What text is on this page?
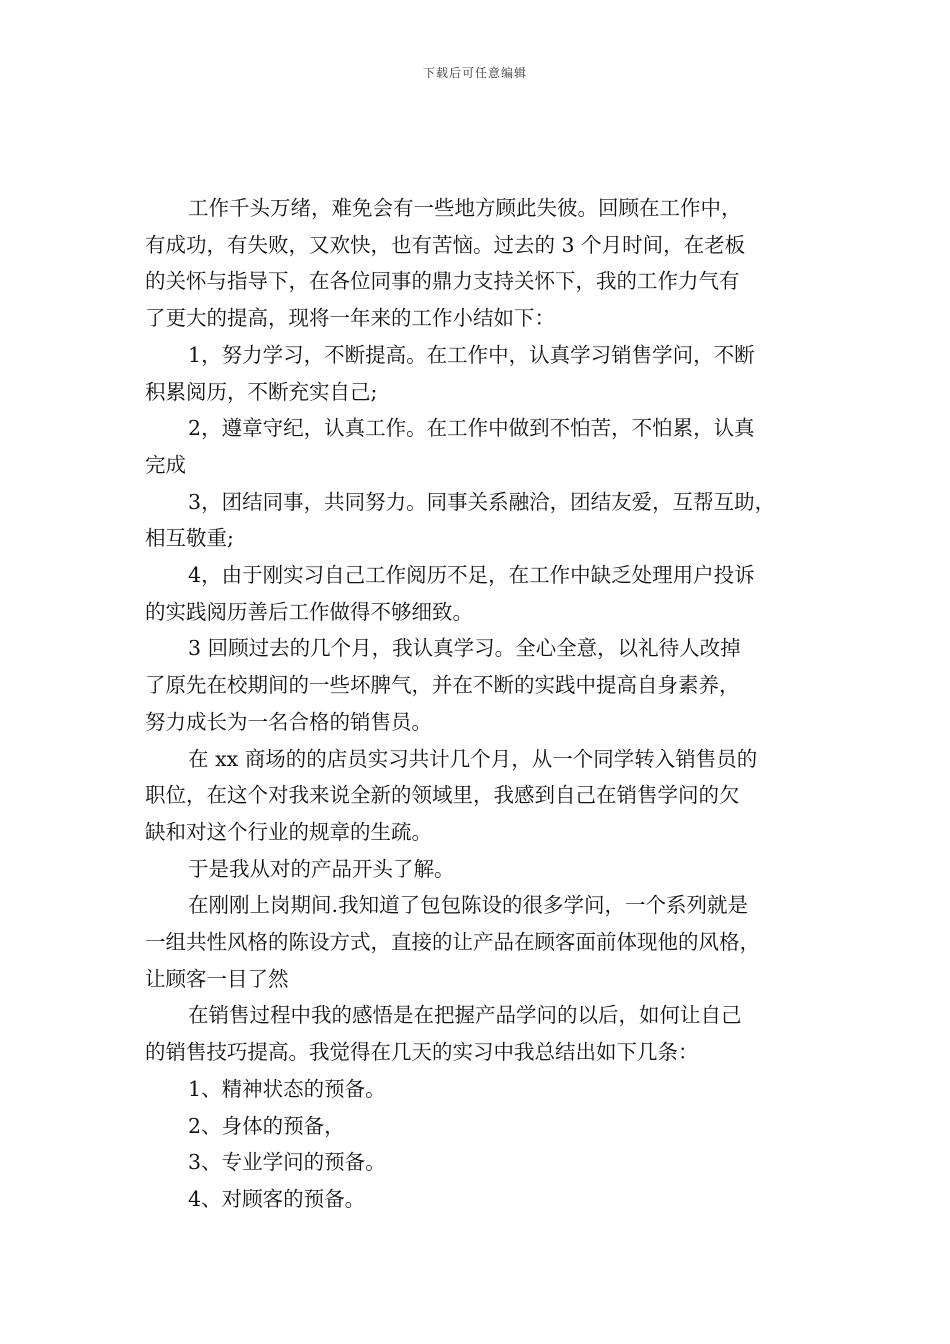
下载后可任意编辑

工作千头万绪，难免会有一些地方顾此失彼。回顾在工作中，

有成功，有失败，又欢快，也有苦恼。过去的 3 个月时间，在老板

的关怀与指导下，在各位同事的鼎力支持关怀下，我的工作力气有

了更大的提高，现将一年来的工作小结如下：

1，努力学习，不断提高。在工作中，认真学习销售学问，不断

积累阅历，不断充实自己;

2，遵章守纪，认真工作。在工作中做到不怕苦，不怕累，认真

完成

3，团结同事，共同努力。同事关系融洽，团结友爱，互帮互助，

相互敬重;

4，由于刚实习自己工作阅历不足，在工作中缺乏处理用户投诉

的实践阅历善后工作做得不够细致。

3 回顾过去的几个月，我认真学习。全心全意，以礼待人改掉

了原先在校期间的一些坏脾气，并在不断的实践中提高自身素养，

努力成长为一名合格的销售员。

在 xx 商场的的店员实习共计几个月，从一个同学转入销售员的

职位，在这个对我来说全新的领域里，我感到自己在销售学问的欠

缺和对这个行业的规章的生疏。

于是我从对的产品开头了解。

在刚刚上岗期间.我知道了包包陈设的很多学问，一个系列就是

一组共性风格的陈设方式，直接的让产品在顾客面前体现他的风格，

让顾客一目了然

在销售过程中我的感悟是在把握产品学问的以后，如何让自己

的销售技巧提高。我觉得在几天的实习中我总结出如下几条：

1、精神状态的预备。

2、身体的预备，

3、专业学问的预备。

4、对顾客的预备。
